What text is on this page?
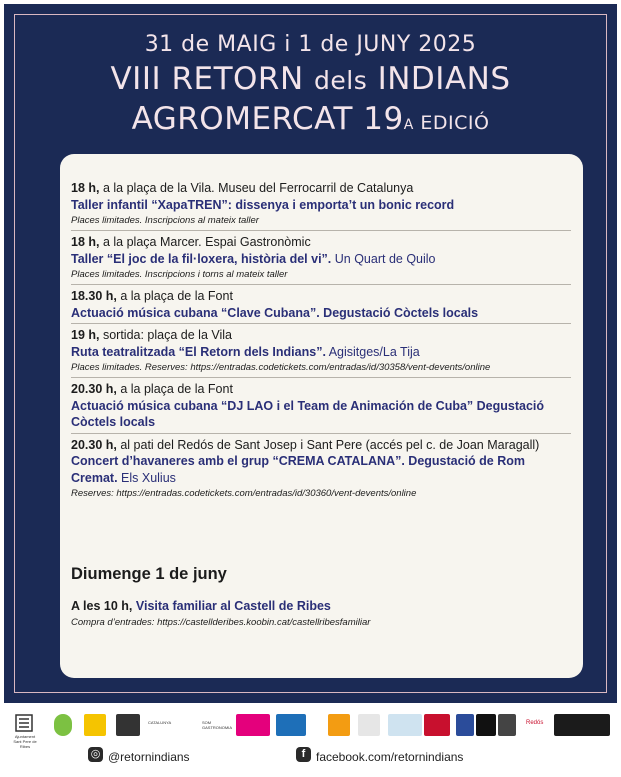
31 de MAIG i 1 de JUNY 2025
VIII RETORN dels INDIANS
AGROMERCAT 19A EDICIÓ
18 h, a la plaça de la Vila. Museu del Ferrocarril de Catalunya
Taller infantil “XapaTREN”: dissenya i emporta’t un bonic record
Places limitades. Inscripcions al mateix taller
18 h, a la plaça Marcer. Espai Gastronòmic
Taller “El joc de la fil·loxera, història del vi”. Un Quart de Quilo
Places limitades. Inscripcions i torns al mateix taller
18.30 h, a la plaça de la Font
Actuació música cubana “Clave Cubana”. Degustació Còctels locals
19 h, sortida: plaça de la Vila
Ruta teatralitzada “El Retorn dels Indians”. Agisitges/La Tija
Places limitades. Reserves: https://entradas.codetickets.com/entradas/id/30358/vent-devents/online
20.30 h, a la plaça de la Font
Actuació música cubana “DJ LAO i el Team de Animación de Cuba” Degustació Còctels locals
20.30 h, al pati del Redós de Sant Josep i Sant Pere (accés pel c. de Joan Maragall)
Concert d’havaneres amb el grup “CREMA CATALANA”. Degustació de Rom Cremat. Els Xulius
Reserves: https://entradas.codetickets.com/entradas/id/30360/vent-devents/online
Diumenge 1 de juny
A les 10 h, Visita familiar al Castell de Ribes
Compra d’entrades: https://castellderibes.koobin.cat/castellribesfamiliar
Ajuntament
Sant Pere de Ribes
CATALUNYA	SOM GASTRONOMIA
Redós
◎ @retornindians	f facebook.com/retornindians
